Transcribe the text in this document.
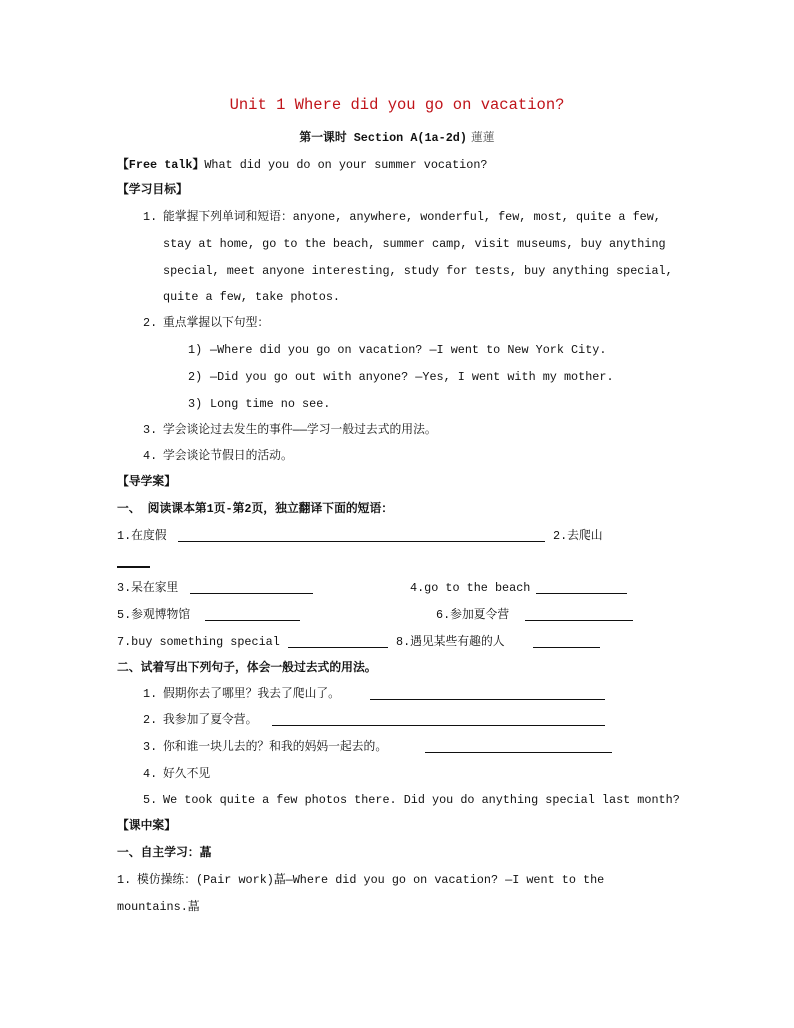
Unit 1 Where did you go on vacation?
第一课时 Section A(1a-2d) 蓮蓮
【Free talk】What did you do on your summer vocation?
【学习目标】
1. 能掌握下列单词和短语：anyone, anywhere, wonderful, few, most, quite a few,
stay at home, go to the beach, summer camp, visit museums, buy anything
special, meet anyone interesting, study for tests, buy anything special,
quite a few, take photos.
2. 重点掌握以下句型：
1) —Where did you go on vacation? —I went to New York City.
2) —Did you go out with anyone? —Yes, I went with my mother.
3) Long time no see.
3. 学会谈论过去发生的事件——学习一般过去式的用法。
4. 学会谈论节假日的活动。
【导学案】
一、 阅读课本第1页-第2页，独立翻译下面的短语：
1.在度假	2.去爬山
3.呆在家里	4.go to the beach
5.参观博物馆	6.参加夏令营
7.buy something special	8.遇见某些有趣的人
二、试着写出下列句子，体会一般过去式的用法。
1. 假期你去了哪里？我去了爬山了。
2. 我参加了夏令营。
3. 你和谁一块儿去的？和我的妈妈一起去的。
4. 好久不见
5. We took quite a few photos there. Did you do anything special last month?
【课中案】
一、自主学习：蕌
1. 模仿操练：(Pair work)蕌—Where did you go on vacation? —I went to the
mountains.蕌
